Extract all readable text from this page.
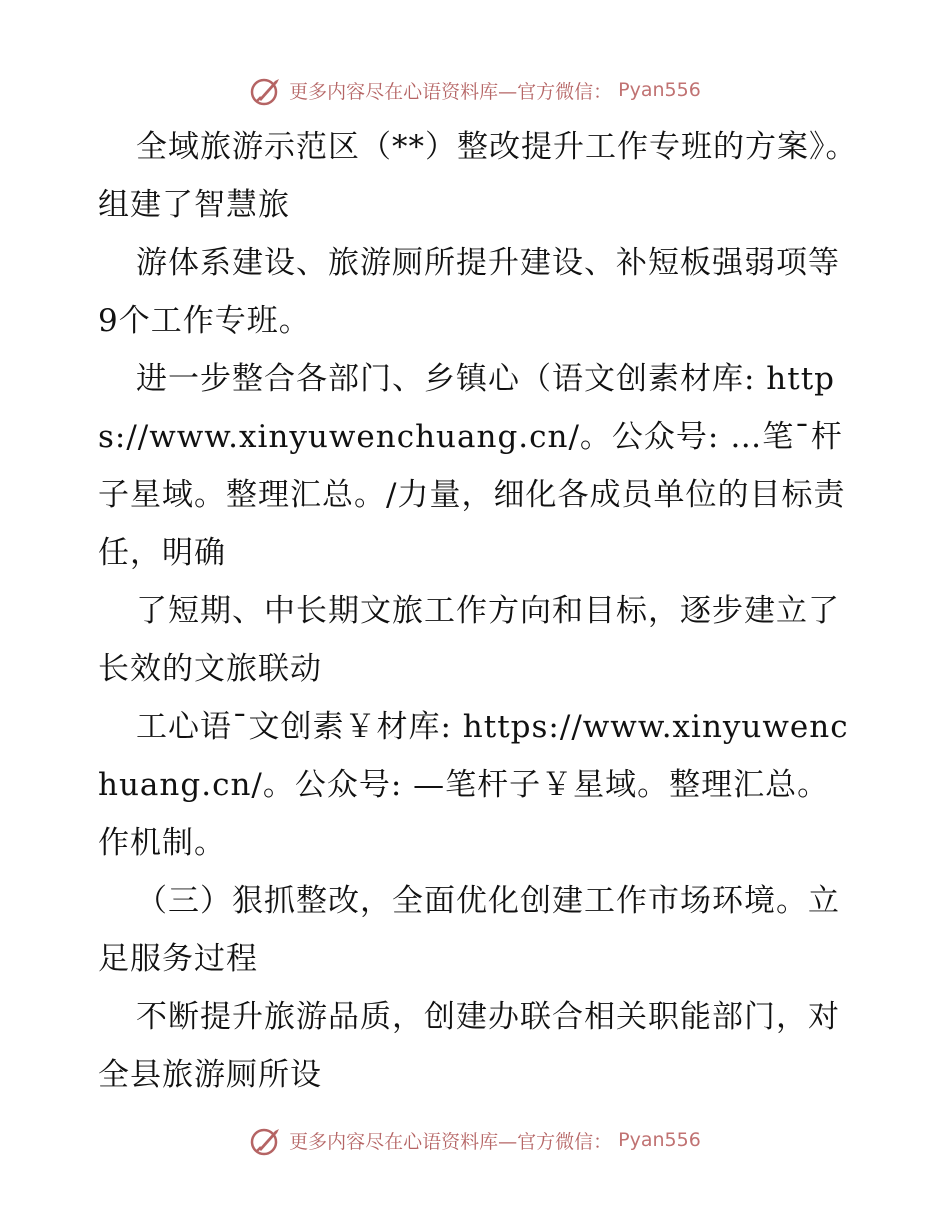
更多内容尽在心语资料库—官方微信： Pyan556

全域旅游示范区（**）整改提升工作专班的方案》。组建了智慧旅

游体系建设、旅游厕所提升建设、补短板强弱项等 9个工作专班。

进一步整合各部门、乡镇心（语文创素材库: https://www.xinyuwenchuang.cn/。公众号: …笔¯杆子星域。整理汇总。/力量，细化各成员单位的目标责任，明确

了短期、中长期文旅工作方向和目标，逐步建立了长效的文旅联动

工心语¯文创素￥材库: https://www.xinyuwenchuang.cn/。公众号: —笔杆子￥星域。整理汇总。作机制。

（三）狠抓整改，全面优化创建工作市场环境。立足服务过程

不断提升旅游品质，创建办联合相关职能部门，对全县旅游厕所设

更多内容尽在心语资料库—官方微信： Pyan556
